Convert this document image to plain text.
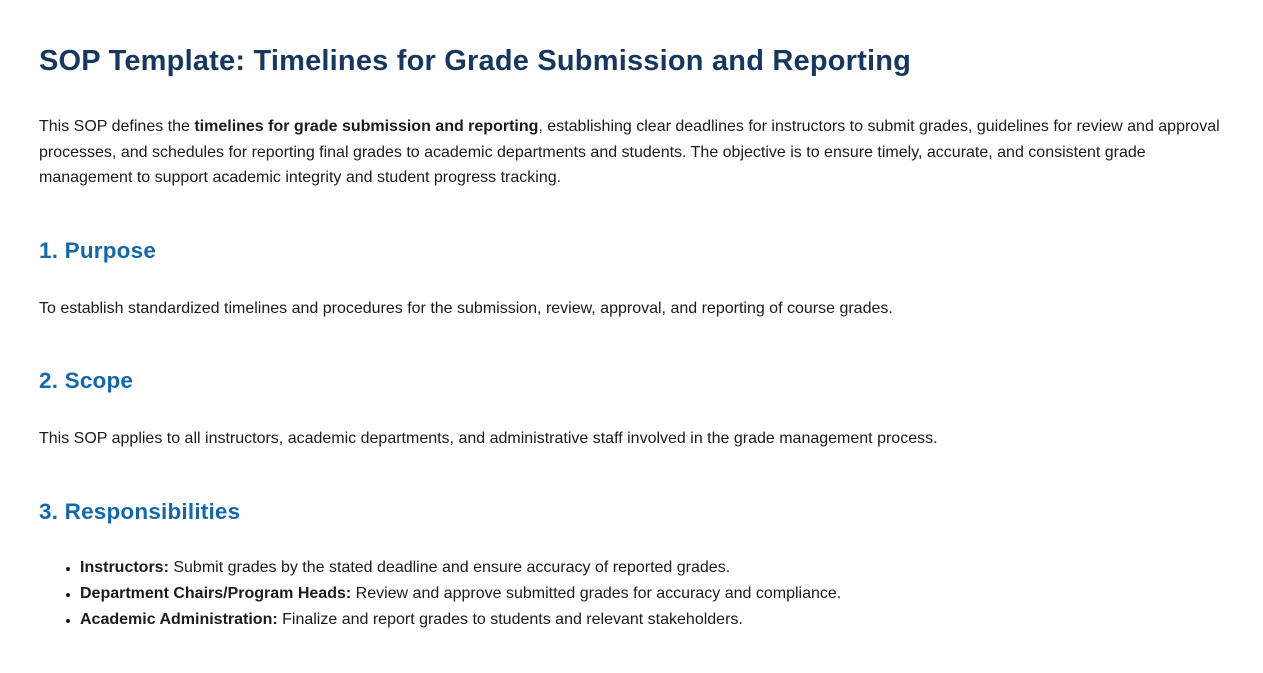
SOP Template: Timelines for Grade Submission and Reporting

This SOP defines the timelines for grade submission and reporting, establishing clear deadlines for instructors to submit grades, guidelines for review and approval processes, and schedules for reporting final grades to academic departments and students. The objective is to ensure timely, accurate, and consistent grade management to support academic integrity and student progress tracking.

1. Purpose

To establish standardized timelines and procedures for the submission, review, approval, and reporting of course grades.

2. Scope

This SOP applies to all instructors, academic departments, and administrative staff involved in the grade management process.

3. Responsibilities
• Instructors: Submit grades by the stated deadline and ensure accuracy of reported grades.
• Department Chairs/Program Heads: Review and approve submitted grades for accuracy and compliance.
• Academic Administration: Finalize and report grades to students and relevant stakeholders.
